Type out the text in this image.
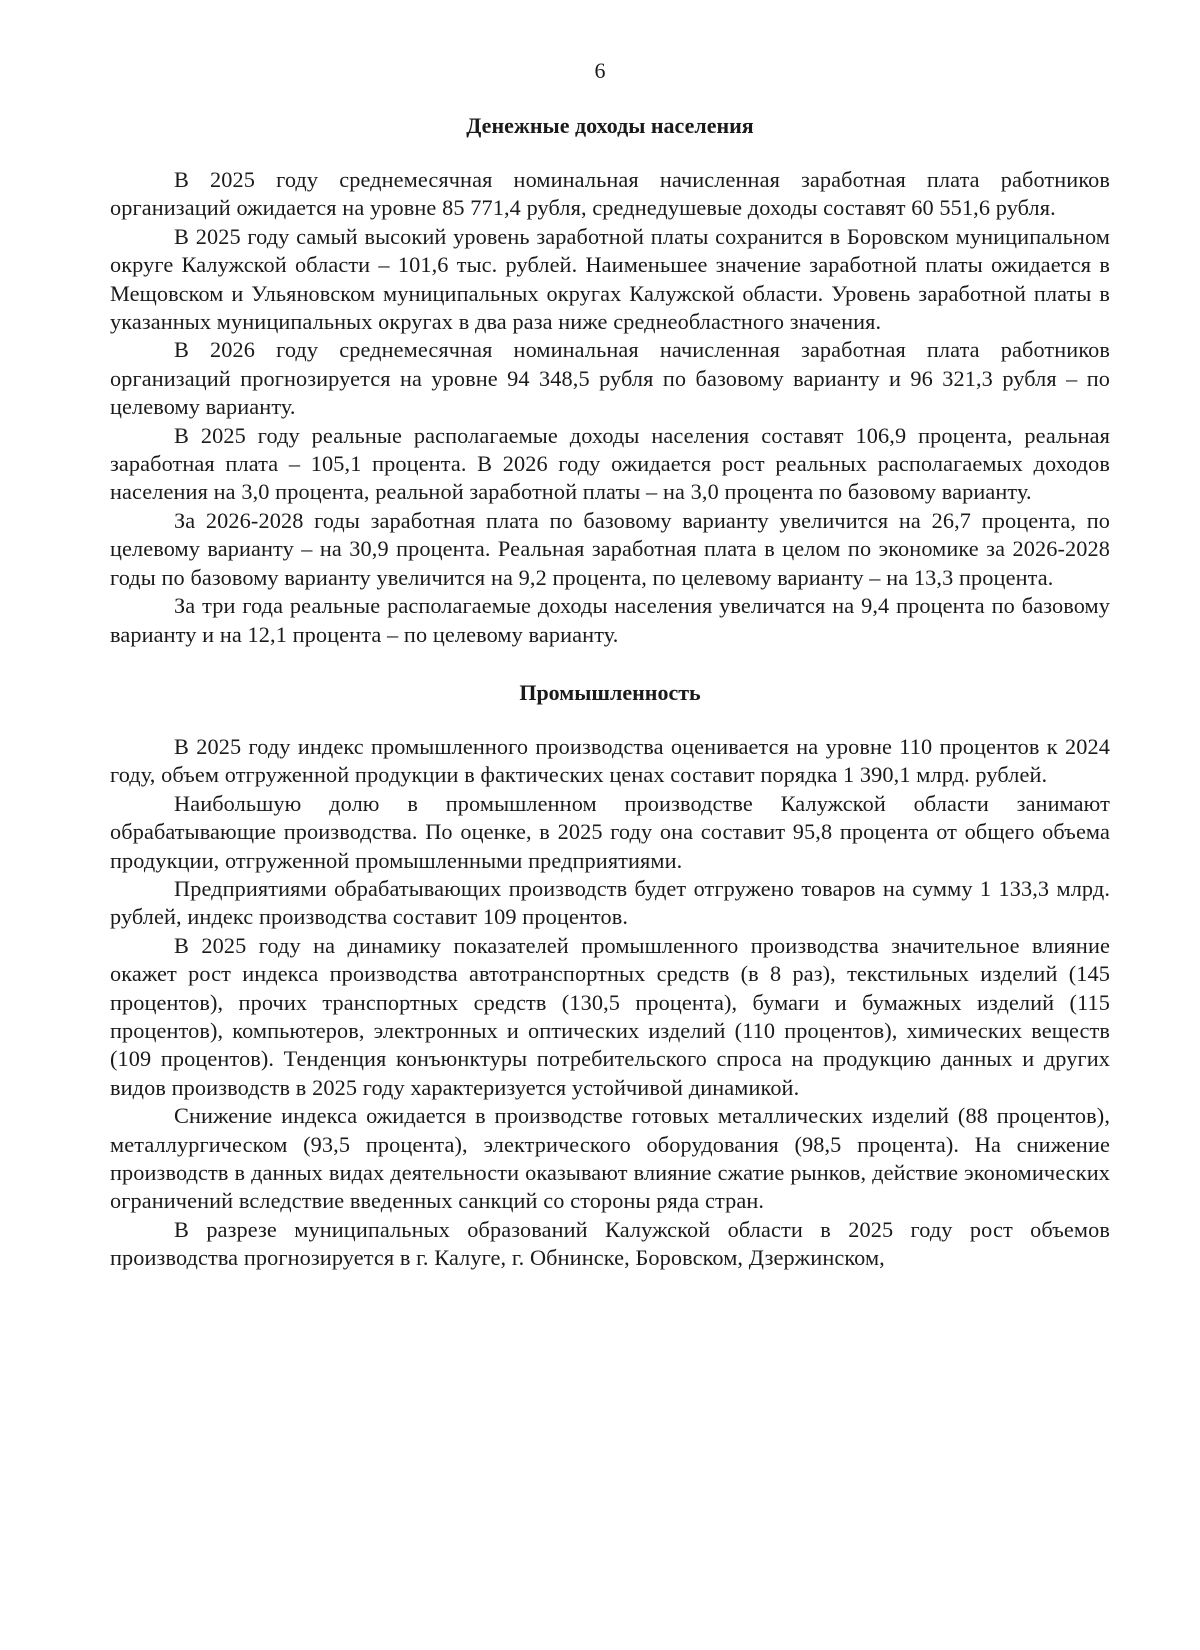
6
Денежные доходы населения

В 2025 году среднемесячная номинальная начисленная заработная плата работников организаций ожидается на уровне 85 771,4 рубля, среднедушевые доходы составят 60 551,6 рубля.

В 2025 году самый высокий уровень заработной платы сохранится в Боровском муниципальном округе Калужской области – 101,6 тыс. рублей. Наименьшее значение заработной платы ожидается в Мещовском и Ульяновском муниципальных округах Калужской области. Уровень заработной платы в указанных муниципальных округах в два раза ниже среднеобластного значения.

В 2026 году среднемесячная номинальная начисленная заработная плата работников организаций прогнозируется на уровне 94 348,5 рубля по базовому варианту и 96 321,3 рубля – по целевому варианту.

В 2025 году реальные располагаемые доходы населения составят 106,9 процента, реальная заработная плата – 105,1 процента. В 2026 году ожидается рост реальных располагаемых доходов населения на 3,0 процента, реальной заработной платы – на 3,0 процента по базовому варианту.

За 2026-2028 годы заработная плата по базовому варианту увеличится на 26,7 процента, по целевому варианту – на 30,9 процента. Реальная заработная плата в целом по экономике за 2026-2028 годы по базовому варианту увеличится на 9,2 процента, по целевому варианту – на 13,3 процента.

За три года реальные располагаемые доходы населения увеличатся на 9,4 процента по базовому варианту и на 12,1 процента – по целевому варианту.

Промышленность

В 2025 году индекс промышленного производства оценивается на уровне 110 процентов к 2024 году, объем отгруженной продукции в фактических ценах составит порядка 1 390,1 млрд. рублей.

Наибольшую долю в промышленном производстве Калужской области занимают обрабатывающие производства. По оценке, в 2025 году она составит 95,8 процента от общего объема продукции, отгруженной промышленными предприятиями.

Предприятиями обрабатывающих производств будет отгружено товаров на сумму 1 133,3 млрд. рублей, индекс производства составит 109 процентов.

В 2025 году на динамику показателей промышленного производства значительное влияние окажет рост индекса производства автотранспортных средств (в 8 раз), текстильных изделий (145 процентов), прочих транспортных средств (130,5 процента), бумаги и бумажных изделий (115 процентов), компьютеров, электронных и оптических изделий (110 процентов), химических веществ (109 процентов). Тенденция конъюнктуры потребительского спроса на продукцию данных и других видов производств в 2025 году характеризуется устойчивой динамикой.

Снижение индекса ожидается в производстве готовых металлических изделий (88 процентов), металлургическом (93,5 процента), электрического оборудования (98,5 процента). На снижение производств в данных видах деятельности оказывают влияние сжатие рынков, действие экономических ограничений вследствие введенных санкций со стороны ряда стран.

В разрезе муниципальных образований Калужской области в 2025 году рост объемов производства прогнозируется в г. Калуге, г. Обнинске, Боровском, Дзержинском,
